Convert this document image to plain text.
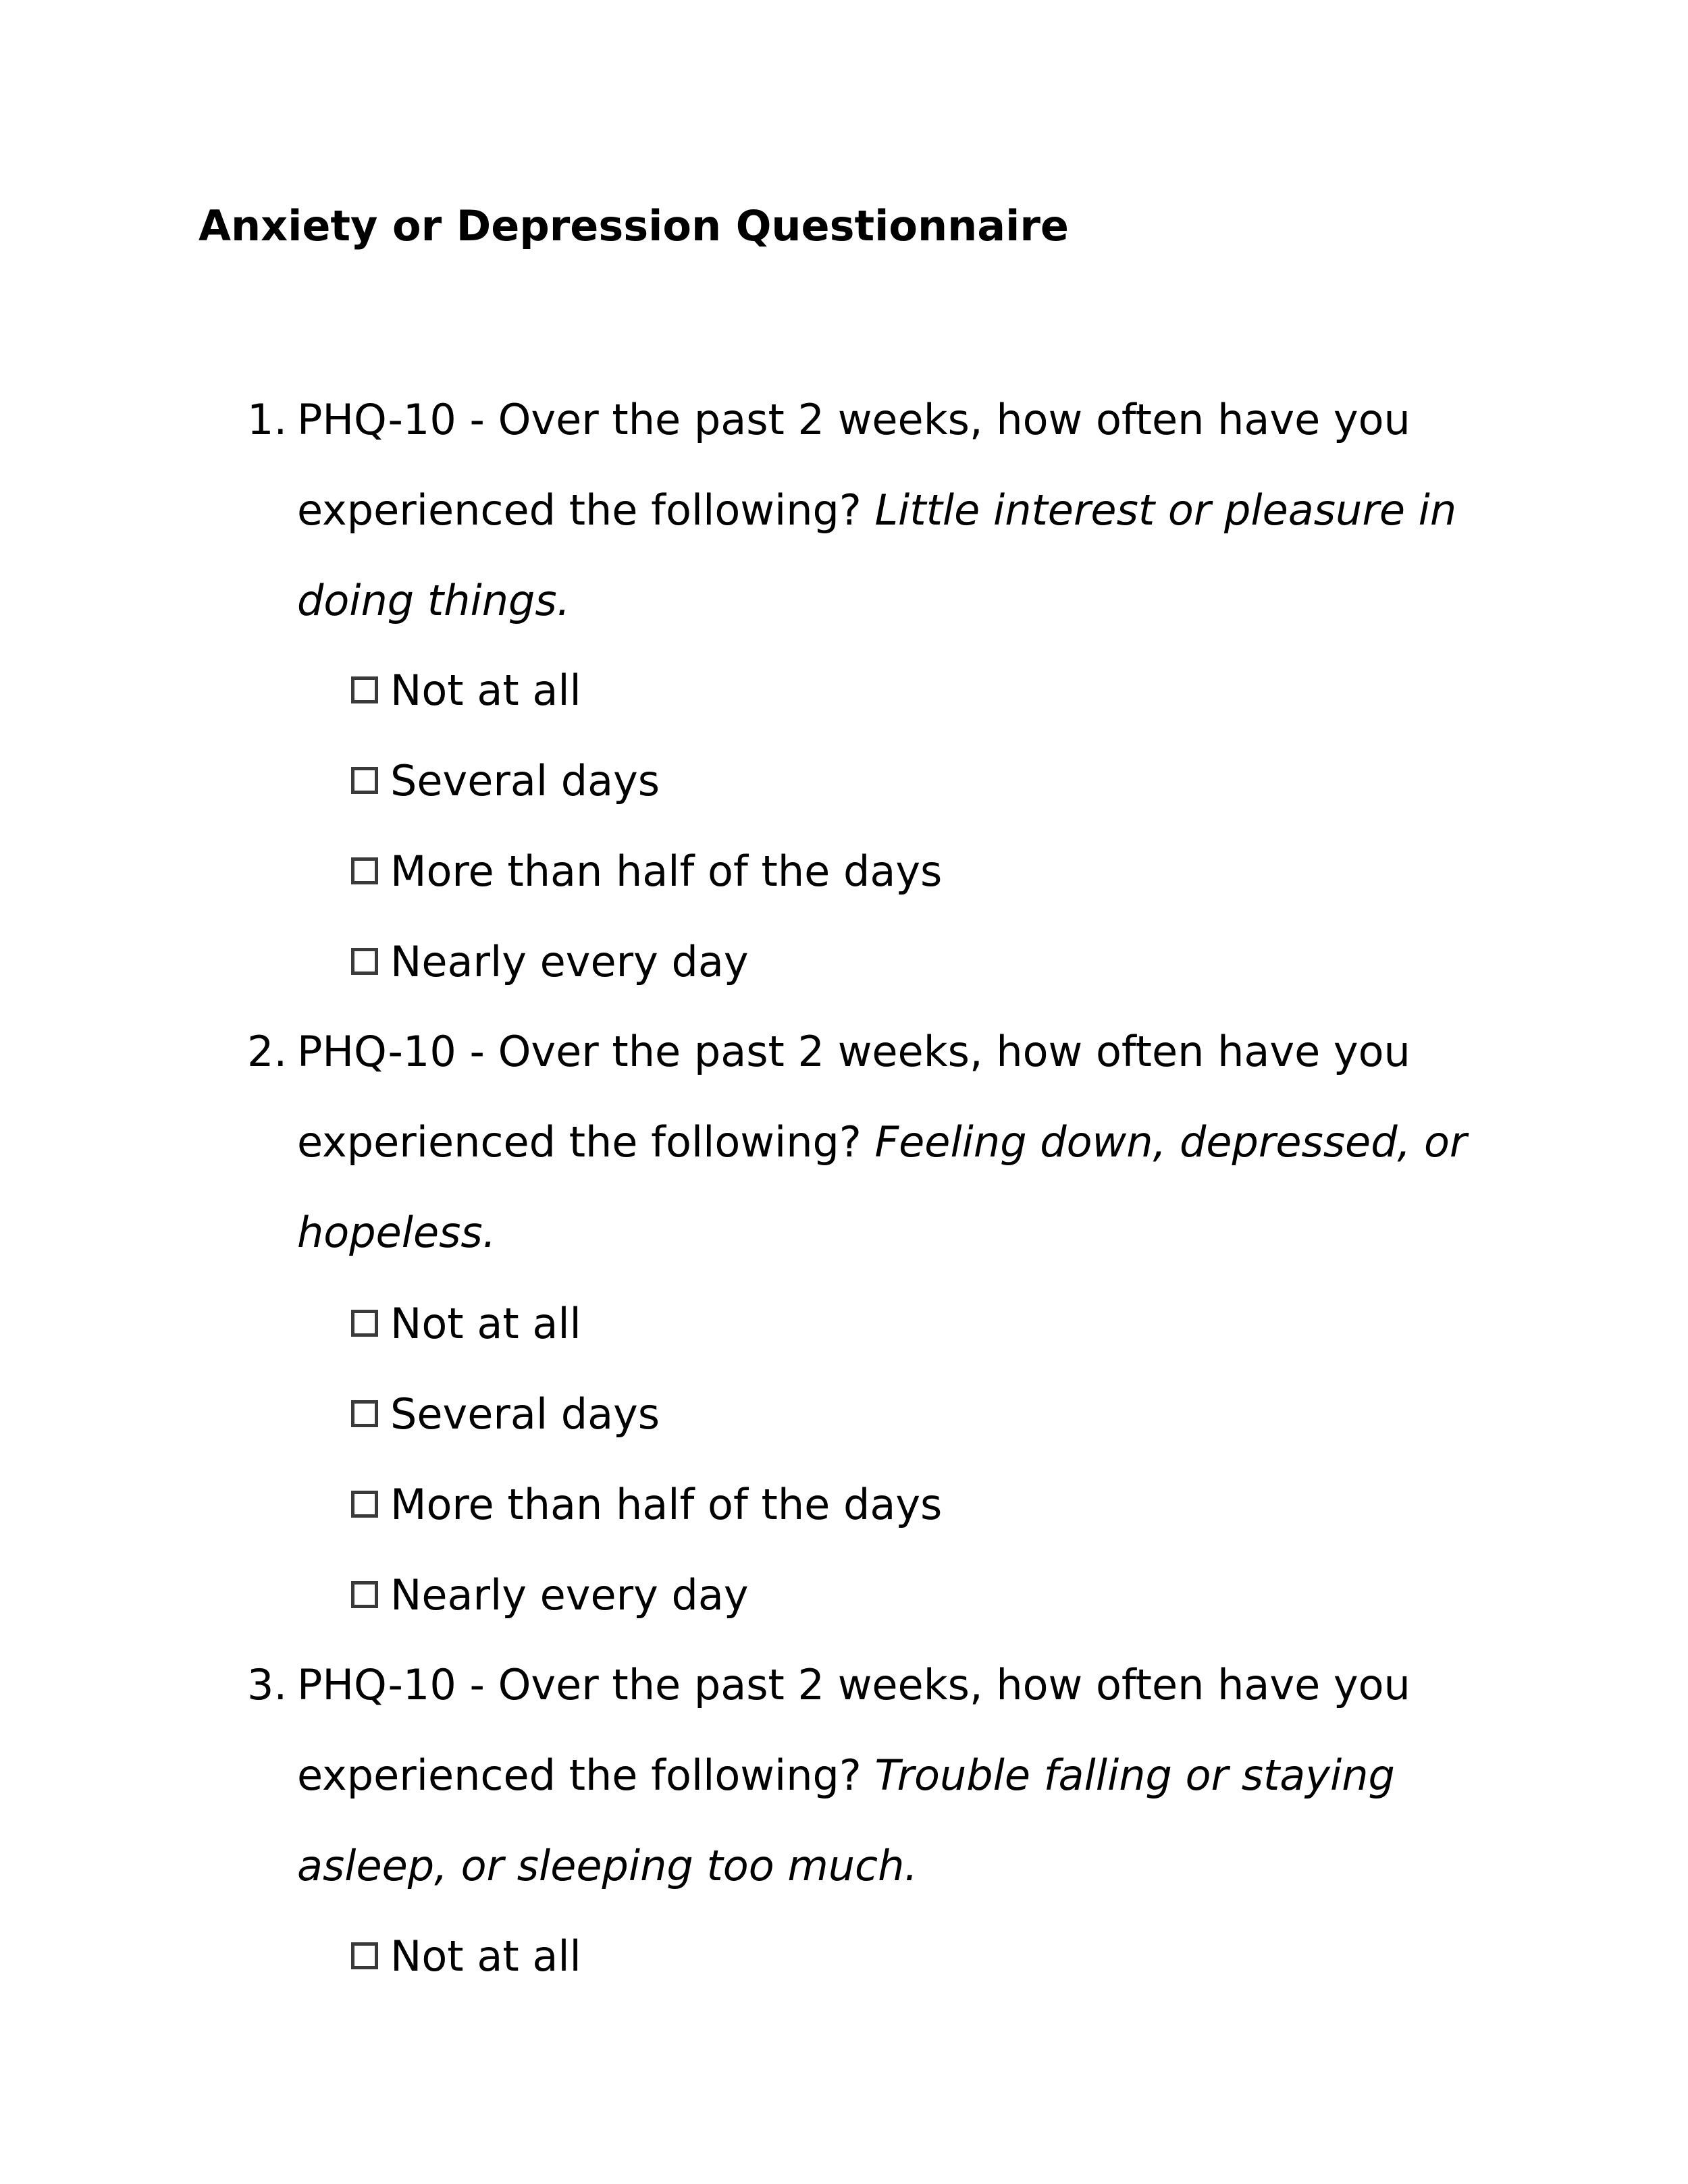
Anxiety or Depression Questionnaire
1. PHQ-10 - Over the past 2 weeks, how often have you experienced the following? Little interest or pleasure in doing things.
Not at all
Several days
More than half of the days
Nearly every day
2. PHQ-10 - Over the past 2 weeks, how often have you experienced the following? Feeling down, depressed, or hopeless.
Not at all
Several days
More than half of the days
Nearly every day
3. PHQ-10 - Over the past 2 weeks, how often have you experienced the following? Trouble falling or staying asleep, or sleeping too much.
Not at all
